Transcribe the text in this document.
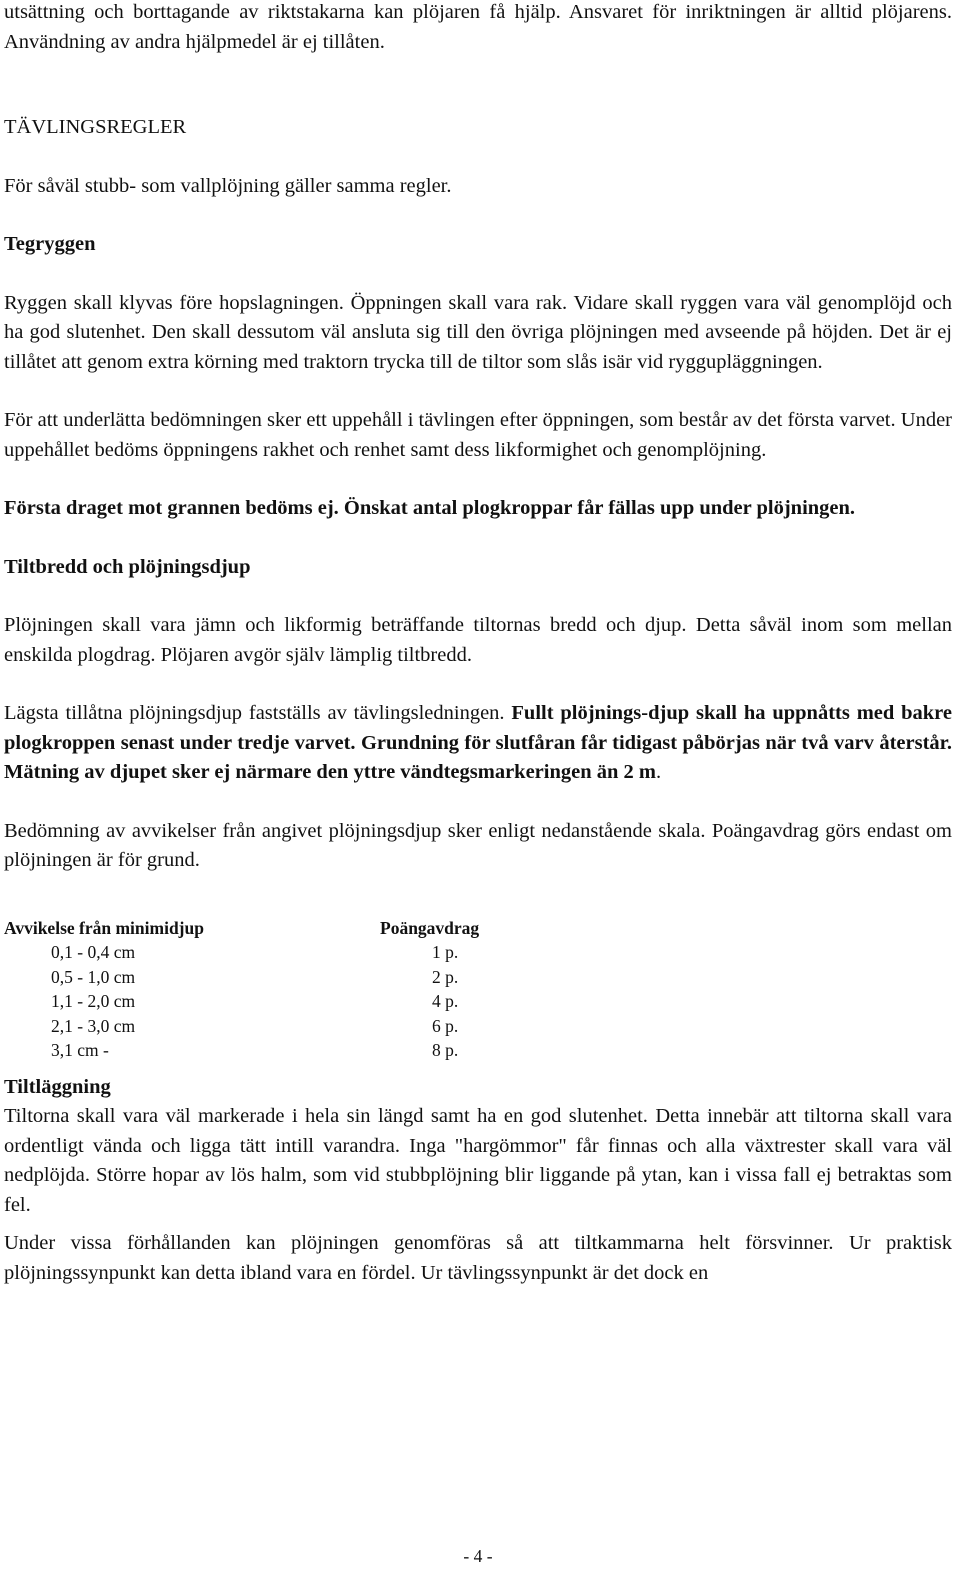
utsättning och borttagande av riktstakarna kan plöjaren få hjälp. Ansvaret för inriktningen är alltid plöjarens. Användning av andra hjälpmedel är ej tillåten.

TÄVLINGSREGLER

För såväl stubb- som vallplöjning gäller samma regler.

Tegryggen

Ryggen skall klyvas före hopslagningen. Öppningen skall vara rak. Vidare skall ryggen vara väl genomplöjd och ha god slutenhet. Den skall dessutom väl ansluta sig till den övriga plöjningen med avseende på höjden. Det är ej tillåtet att genom extra körning med traktorn trycka till de tiltor som slås isär vid ryggupläggningen.

För att underlätta bedömningen sker ett uppehåll i tävlingen efter öppningen, som består av det första varvet. Under uppehållet bedöms öppningens rakhet och renhet samt dess likformighet och genomplöjning.

Första draget mot grannen bedöms ej. Önskat antal plogkroppar får fällas upp under plöjningen.

Tiltbredd och plöjningsdjup

Plöjningen skall vara jämn och likformig beträffande tiltornas bredd och djup. Detta såväl inom som mellan enskilda plogdrag. Plöjaren avgör själv lämplig tiltbredd.

Lägsta tillåtna plöjningsdjup fastställs av tävlingsledningen. Fullt plöjnings-djup skall ha uppnåtts med bakre plogkroppen senast under tredje varvet. Grundning för slutfåran får tidigast påbörjas när två varv återstår. Mätning av djupet sker ej närmare den yttre vändtegsmarkeringen än 2 m.

Bedömning av avvikelser från angivet plöjningsdjup sker enligt nedanstående skala. Poängavdrag görs endast om plöjningen är för grund.

Avvikelse från minimidjup	Poängavdrag
0,1 - 0,4 cm	1 p.
0,5 - 1,0 cm	2 p.
1,1 - 2,0 cm	4 p.
2,1 - 3,0 cm	6 p.
3,1 cm -	8 p.

Tiltläggning

Tiltorna skall vara väl markerade i hela sin längd samt ha en god slutenhet. Detta innebär att tiltorna skall vara ordentligt vända och ligga tätt intill varandra. Inga "hargömmor" får finnas och alla växtrester skall vara väl nedplöjda. Större hopar av lös halm, som vid stubbplöjning blir liggande på ytan, kan i vissa fall ej betraktas som fel.

Under vissa förhållanden kan plöjningen genomföras så att tiltkammarna helt försvinner. Ur praktisk plöjningssynpunkt kan detta ibland vara en fördel. Ur tävlingssynpunkt är det dock en

- 4 -
